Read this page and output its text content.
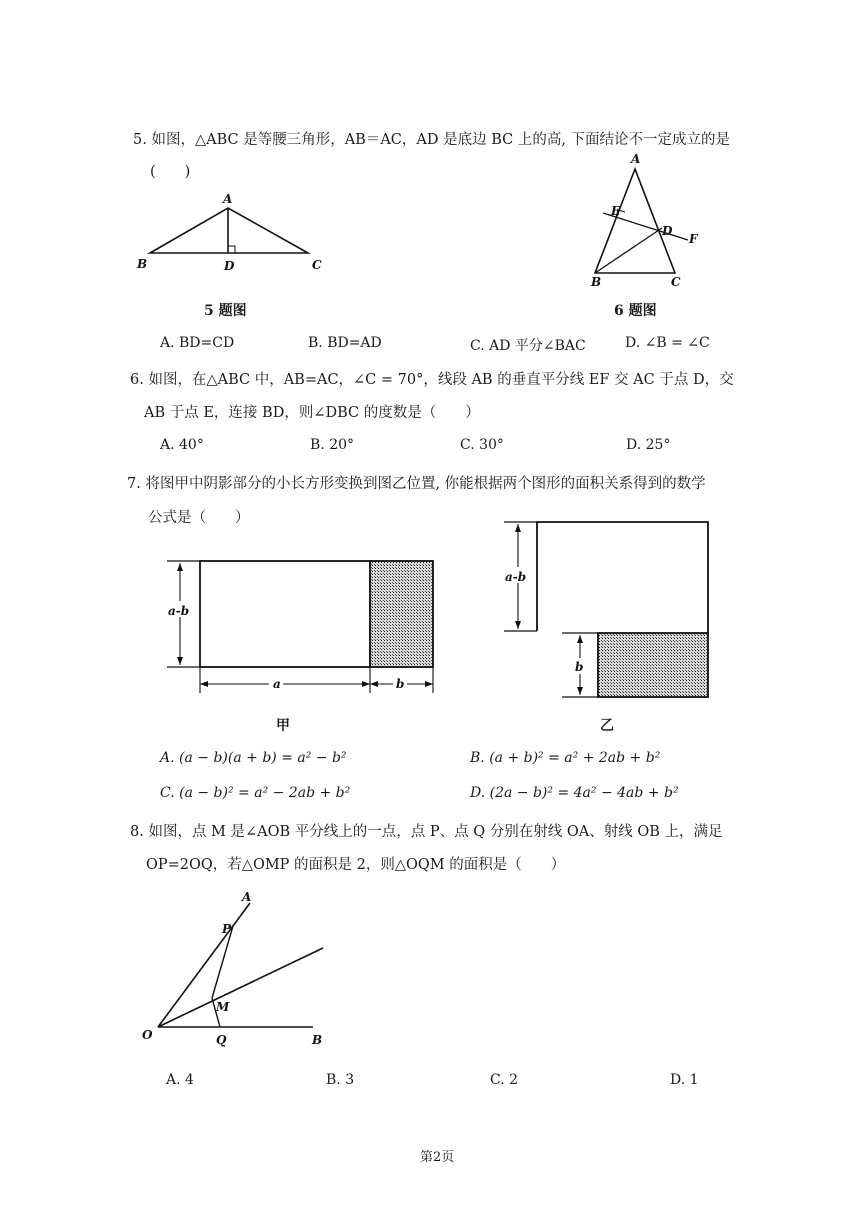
5. 如图，△ABC 是等腰三角形，AB＝AC，AD 是底边 BC 上的高, 下面结论不一定成立的是
(　　)
A
B	C
D
A
E
D
F
B	C
5 题图	6 题图
A. BD=CD	B. BD=AD	C. AD 平分∠BAC	D. ∠B = ∠C
6. 如图，在△ABC 中，AB=AC，∠C = 70°，线段 AB 的垂直平分线 EF 交 AC 于点 D，交
AB 于点 E，连接 BD，则∠DBC 的度数是（　　）
A. 40°	B. 20°	C. 30°	D. 25°
7. 将图甲中阴影部分的小长方形变换到图乙位置, 你能根据两个图形的面积关系得到的数学
公式是（　　）
a-b
a	b
a-b
b
甲	乙
A. (a − b)(a + b) = a² − b²	B. (a + b)² = a² + 2ab + b²
C. (a − b)² = a² − 2ab + b²	D. (2a − b)² = 4a² − 4ab + b²
8. 如图，点 M 是∠AOB 平分线上的一点，点 P、点 Q 分别在射线 OA、射线 OB 上，满足
OP=2OQ，若△OMP 的面积是 2，则△OQM 的面积是（　　）
A
P
M
O	Q	B
A. 4	B. 3	C. 2	D. 1
第2页
